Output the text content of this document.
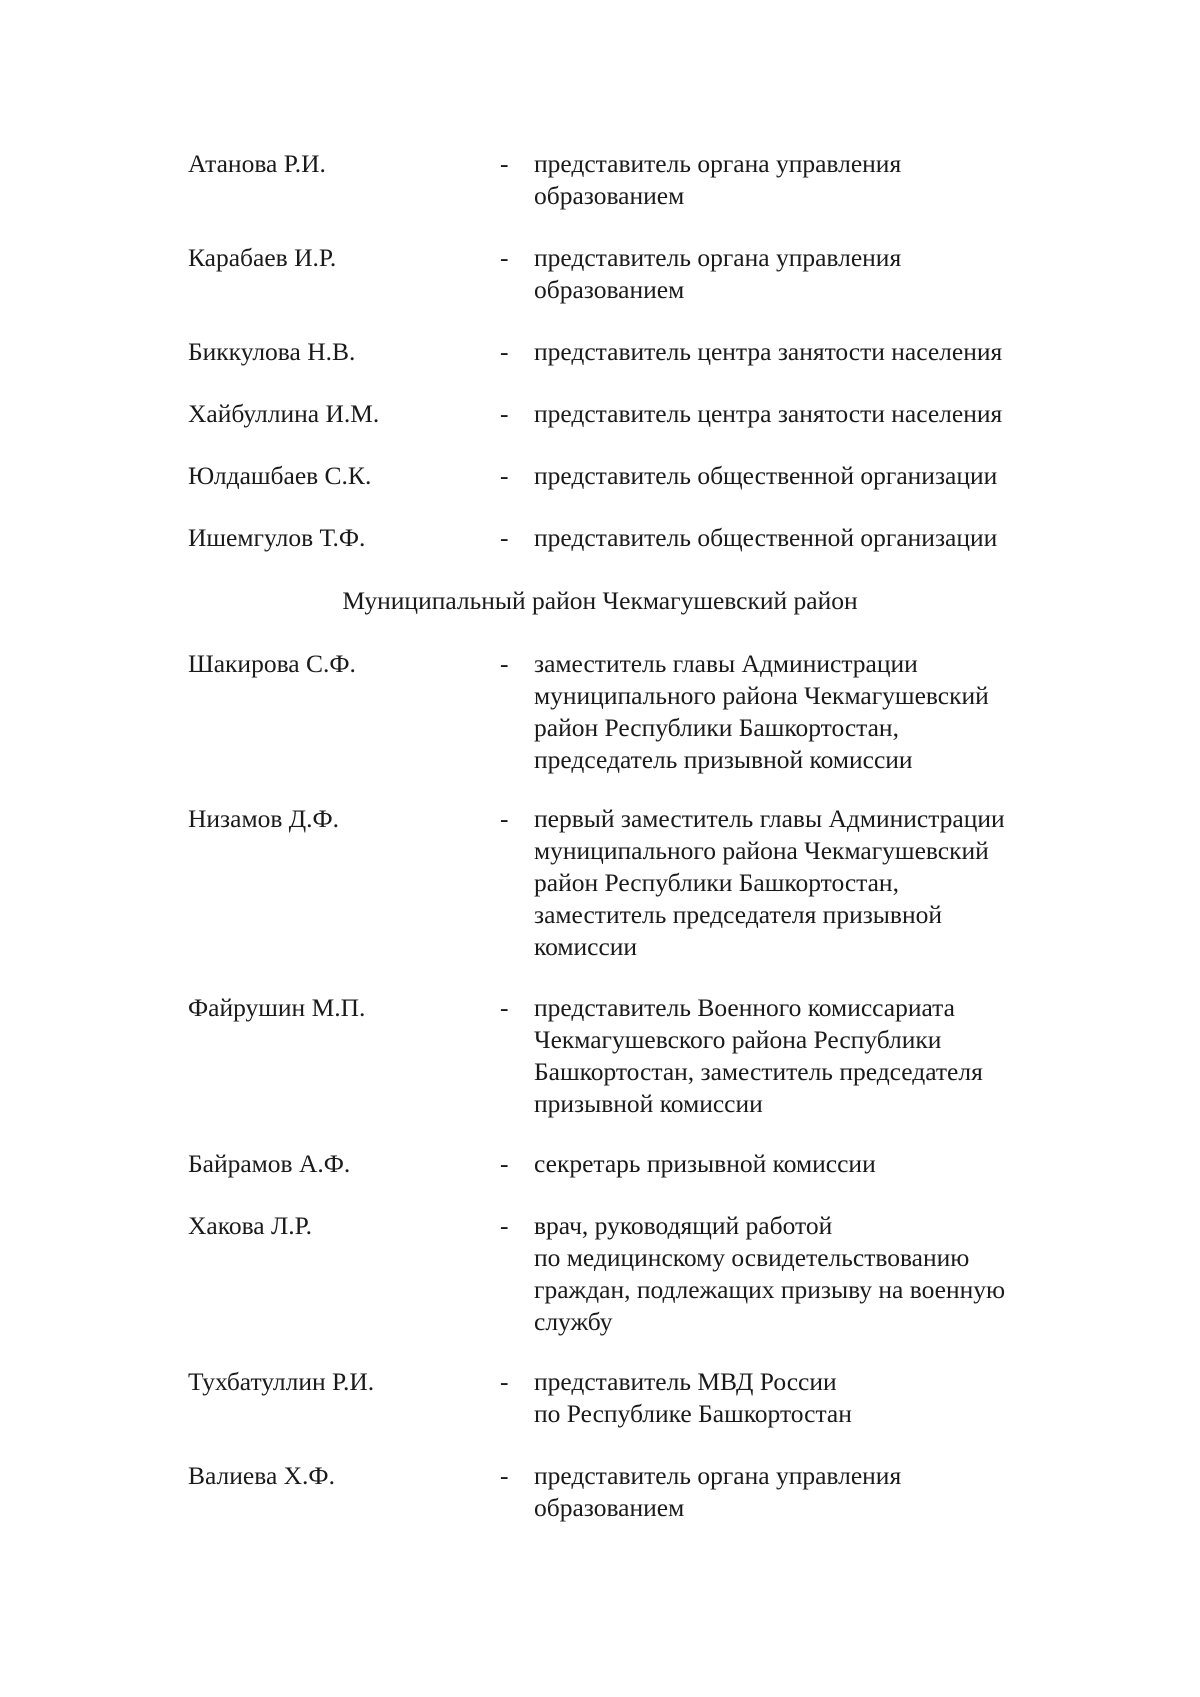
Атанова Р.И.	- представитель органа управления
образованием
Карабаев И.Р.	- представитель органа управления
образованием
Биккулова Н.В.	- представитель центра занятости населения
Хайбуллина И.М.	- представитель центра занятости населения
Юлдашбаев С.К.	- представитель общественной организации
Ишемгулов Т.Ф.	- представитель общественной организации
Муниципальный район Чекмагушевский район
Шакирова С.Ф.	- заместитель главы Администрации
муниципального района Чекмагушевский
район Республики Башкортостан,
председатель призывной комиссии
Низамов Д.Ф.	- первый заместитель главы Администрации
муниципального района Чекмагушевский
район Республики Башкортостан,
заместитель председателя призывной
комиссии
Файрушин М.П.	- представитель Военного комиссариата
Чекмагушевского района Республики
Башкортостан, заместитель председателя
призывной комиссии
Байрамов А.Ф.	- секретарь призывной комиссии
Хакова Л.Р.	- врач, руководящий работой
по медицинскому освидетельствованию
граждан, подлежащих призыву на военную
службу
Тухбатуллин Р.И.	- представитель МВД России
по Республике Башкортостан
Валиева Х.Ф.	- представитель органа управления
образованием
